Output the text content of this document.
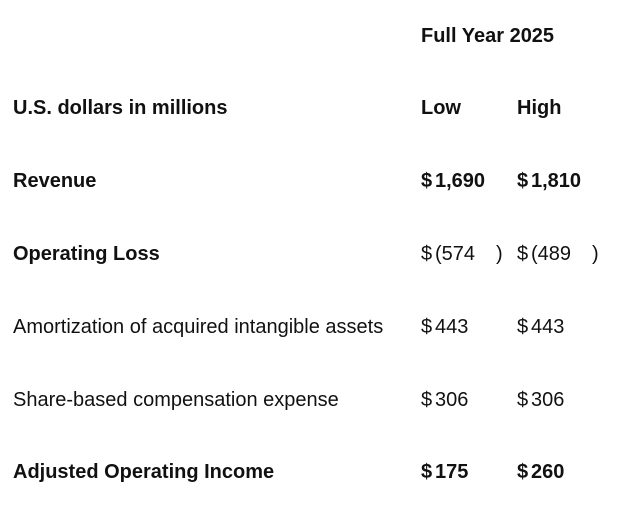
Full Year 2025
U.S. dollars in millions	Low	High
Revenue	$ 1,690 $ 1,810
Operating Loss	$ (574 ) $ (489 )
Amortization of acquired intangible assets $ 443 $ 443
Share-based compensation expense	$ 306 $ 306
Adjusted Operating Income	$ 175 $ 260
